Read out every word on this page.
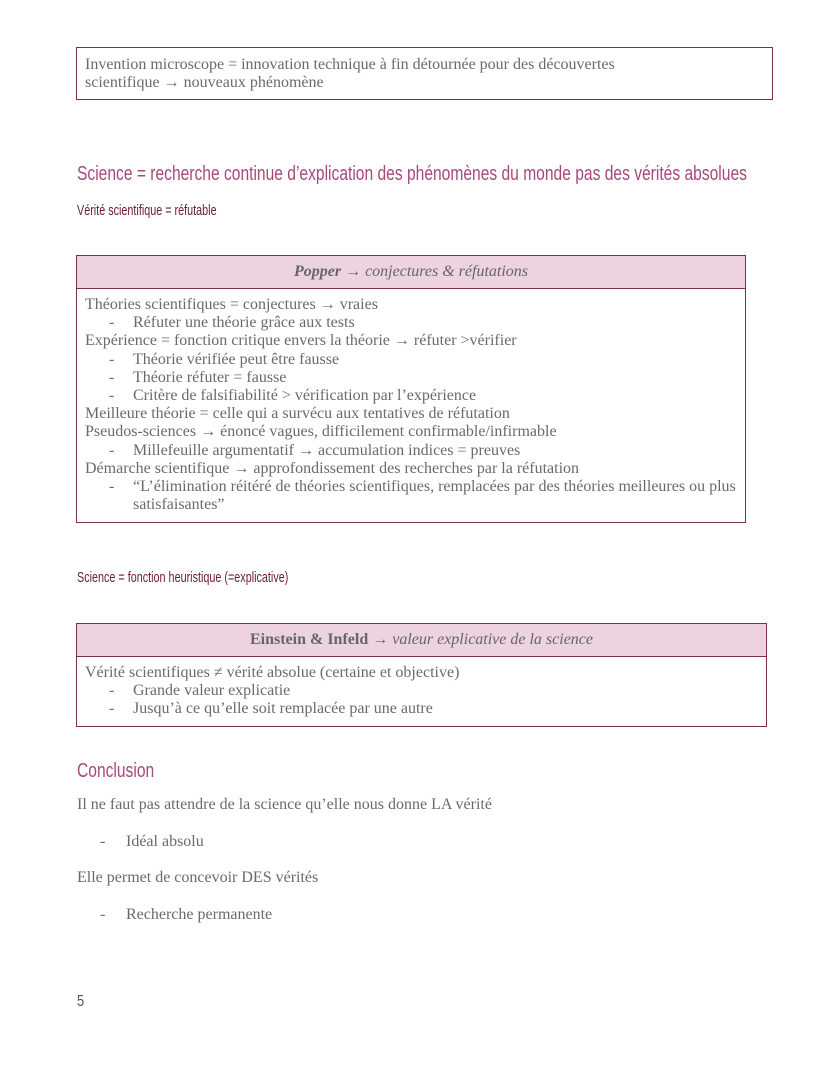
Invention microscope = innovation technique à fin détournée pour des découvertes
scientifique → nouveaux phénomène
Science = recherche continue d’explication des phénomènes du monde pas des vérités absolues
Vérité scientifique = réfutable
Popper → conjectures & réfutations
Théories scientifiques = conjectures → vraies
- Réfuter une théorie grâce aux tests
Expérience = fonction critique envers la théorie → réfuter >vérifier
- Théorie vérifiée peut être fausse
- Théorie réfuter = fausse
- Critère de falsifiabilité > vérification par l’expérience
Meilleure théorie = celle qui a survécu aux tentatives de réfutation
Pseudos-sciences → énoncé vagues, difficilement confirmable/infirmable
- Millefeuille argumentatif → accumulation indices = preuves
Démarche scientifique → approfondissement des recherches par la réfutation
- “L’élimination réitéré de théories scientifiques, remplacées par des théories meilleures ou plus satisfaisantes”
Science = fonction heuristique (=explicative)
Einstein & Infeld → valeur explicative de la science
Vérité scientifiques ≠ vérité absolue (certaine et objective)
- Grande valeur explicatie
- Jusqu’à ce qu’elle soit remplacée par une autre
Conclusion
Il ne faut pas attendre de la science qu’elle nous donne LA vérité
- Idéal absolu
Elle permet de concevoir DES vérités
- Recherche permanente
5
